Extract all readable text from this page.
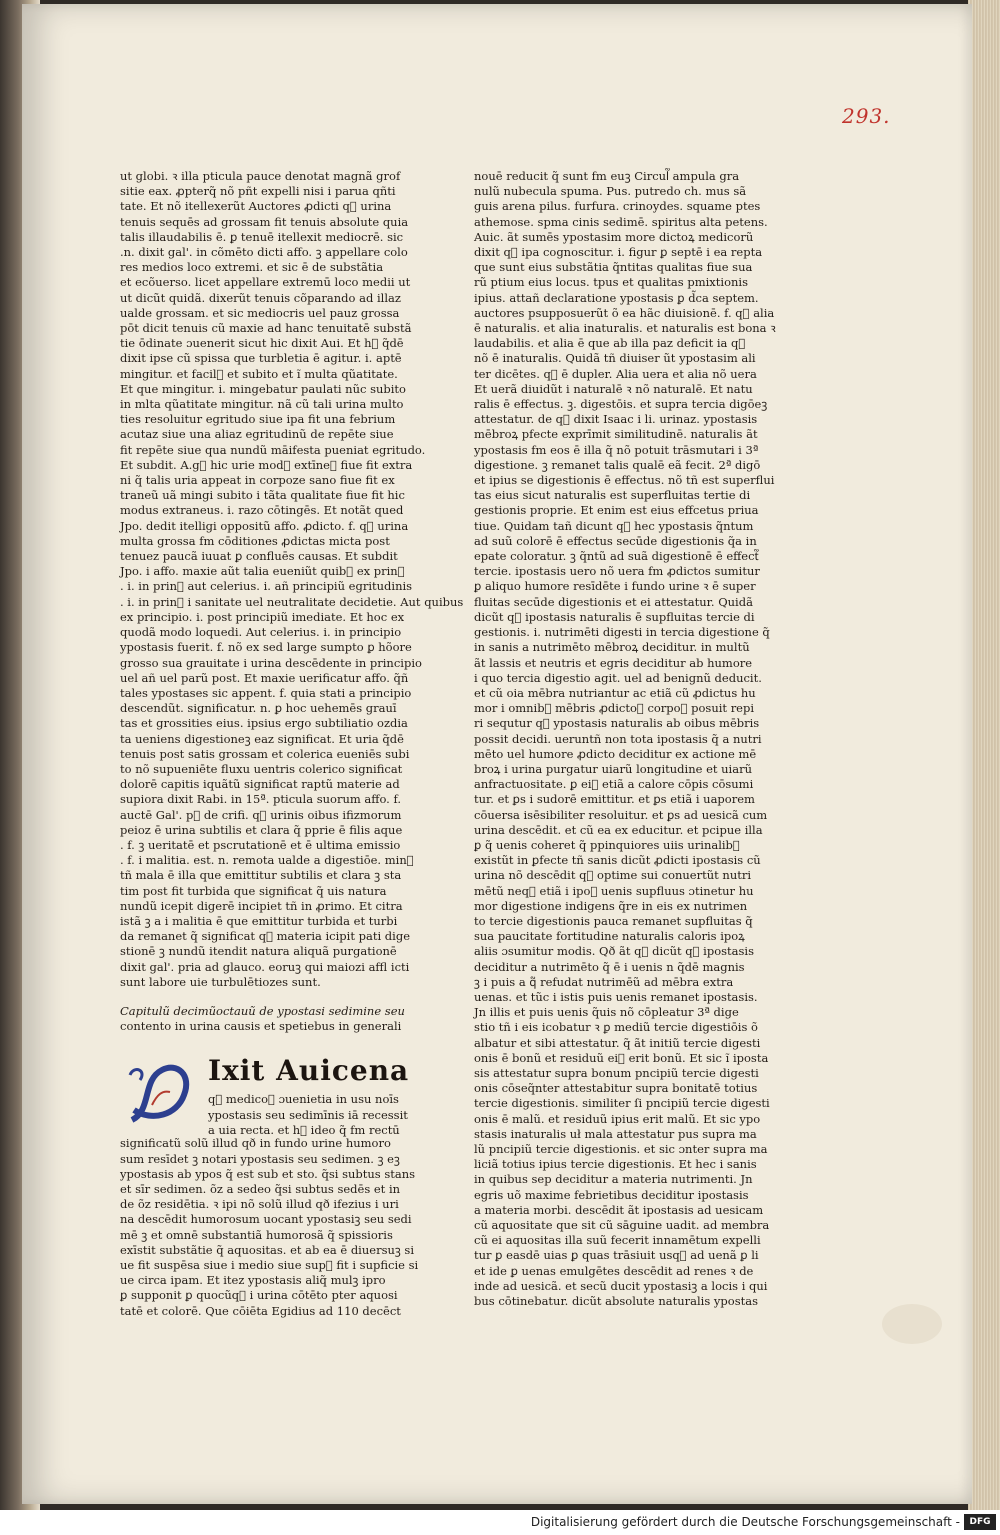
293.

ut globi. ꝛ illa pticula pauce denotat magnã grof

sitie eax. ꝓpterq̃ nõ pñt expelli nisi i parua qñti

tate. Et nõ itellexerũt Auctores ꝓdicti q᷑ urina

tenuis sequēs ad grossam fit tenuis absolute quia

talis illaudabilis ē. ꝑ tenuē itellexit mediocrē. sic

.n. dixit gal'. in cõmēto dicti affo. ꝫ appellare colo

res medios loco extremi. et sic ē de substãtia

et ecõuerso. licet appellare extremū loco medii ut

ut dicũt quidã. dixerũt tenuis cõparando ad illaz

ualde grossam. et sic mediocris uel pauz grossa

pōt dicit tenuis cũ maxie ad hanc tenuitatē substã

tie ōdinate ɔuenerit sicut hic dixit Aui. Et h᷑ q̃dē

dixit ipse cũ spissa que turbletia ē agitur. i. aptē

mingitur. et facil᷑ et subito et ĩ multa qũatitate.

Et que mingitur. i. mingebatur paulati nũc subito

in mlta qũatitate mingitur. nã cũ tali urina multo

ties resoluitur egritudo siue ipa fit una febrium

acutaz siue una aliaz egritudinũ de repēte siue

fit repēte siue qua nundũ māifesta pueniat egritudo.

Et subdit. A.g᷑ hic urie mod᷑ extīne᷑ fiue fit extra

ni q̃ talis uria appeat in corpoze sano fiue fit ex

traneũ uã mingi subito i tãta qualitate fiue fit hic

modus extraneus. i. razo cōtingēs. Et notãt qued

Jpo. dedit itelligi oppositũ affo. ꝓdicto. f. q᷑ urina

multa grossa fm cōditiones ꝓdictas micta post

tenuez paucã iuuat ꝑ confluēs causas. Et subdit

Jpo. i affo. maxie aũt talia eueniũt quib᷑ ex prin᷑

. i. in prin᷑ aut celerius. i. añ principiũ egritudinis

. i. in prin᷑ i sanitate uel neutralitate decidetie. Aut quibus

ex principio. i. post principiũ imediate. Et hoc ex

quodã modo loquedi. Aut celerius. i. in principio

ypostasis fuerit. f. nõ ex sed large sumpto ꝑ hõore

grosso sua grauitate i urina descēdente in principio

uel añ uel parũ post. Et maxie uerificatur affo. q̃ñ

tales ypostases sic appent. f. quia stati a principio

descendũt. significatur. n. ꝑ hoc uehemēs grauī

tas et grossities eius. ipsius ergo subtiliatio ozdia

ta ueniens digestioneꝫ eaz significat. Et uria q̃dē

tenuis post satis grossam et colerica eueniēs subi

to nõ supueniēte fluxu uentris colerico significat

dolorē capitis iquãtũ significat raptũ materie ad

supiora dixit Rabi. in 15ª. pticula suorum affo. f.

auctē Gal'. p᷑ de crifi. q᷑ urinis oibus ifizmorum

peioz ē urina subtilis et clara q̃ pprie ē filis aque

. f. ꝫ ueritatē et pscrutationē et ē ultima emissio

. f. i malitia. est. n. remota ualde a digestiōe. min᷑

tñ mala ē illa que emittitur subtilis et clara ꝫ sta

tim post fit turbida que significat q̃ uis natura

nundũ icepit digerē incipiet tñ in ꝓrimo. Et citra

istã ꝫ a i malitia ē que emittitur turbida et turbi

da remanet q̃ significat q᷑ materia icipit pati dige

stionē ꝫ nundũ itendit natura aliquã purgationē

dixit gal'. pria ad glauco. eoruꝫ qui maiozi affl icti

sunt labore uie turbulētiozes sunt.

Capitulũ decimũoctauũ de ypostasi sedimine seu

contento in urina causis et spetiebus in generali

Ixit Auicena

q᷑ medicoꝫ ɔuenietia in usu noīs

ypostasis seu sedimīnis iā recessit

a uia recta. et h᷑ ideo q̃ fm rectū

significatũ solũ illud qð in fundo urine humoro

sum resīdet ꝫ notari ypostasis seu sedimen. ꝫ eꝫ

ypostasis ab ypos q̃ est sub et sto. q̃si subtus stans

et sīr sedimen. õz a sedeo q̃si subtus sedēs et in

de õz residētia. ꝛ ipi nõ solũ illud qð ifezius i uri

na descēdit humorosum uocant ypostasiꝫ seu sedi

mē ꝫ et omnē substantiã humorosã q̃ spissioris

exīstit substãtie q̃ aquositas. et ab ea ē diuersuꝫ si

ue fit suspēsa siue i medio siue sup᷑ fit i supficie si

ue circa ipam. Et itez ypostasis aliq̃ mulꝫ ipro

ꝑ supponit ꝑ quocũq᷑ i urina cōtēto pter aquosi

tatē et colorē. Que cōiēta Egidius ad 110 decēct

nouē reducit q̃ sunt fm euꝫ Circul᷑ ampula gra

nulũ nubecula spuma. Pus. putredo ch. mus sã

guis arena pilus. furfura. crinoydes. squame ptes

athemose. spma cinis sedimē. spiritus alta petens.

Auic. ãt sumēs ypostasim more dictoꝝ medicorũ

dixit q᷑ ipa cognoscitur. i. figur ꝑ septē i ea repta

que sunt eius substãtia q̃ntitas qualitas fiue sua

rũ ptium eius locus. tpus et qualitas pmixtionis

ipius. attañ declaratione ypostasis ꝑ d̃ca septem.

auctores psupposuerũt õ ea hãc diuisionē. f. q᷑ alia

ē naturalis. et alia inaturalis. et naturalis est bona ꝛ

laudabilis. et alia ē que ab illa paz deficit ia q᷑

nõ ē inaturalis. Quidã tñ diuiser ũt ypostasim ali

ter dicētes. q᷑ ē dupler. Alia uera et alia nõ uera

Et uerã diuidũt i naturalē ꝛ nõ naturalē. Et natu

ralis ē effectus. ꝫ. digestōis. et supra tercia digōeꝫ

attestatur. de q᷑ dixit Isaac i li. urinaz. ypostasis

mēbroꝝ pfecte exprīmit similitudinē. naturalis ãt

ypostasis fm eos ē illa q̃ nõ potuit trāsmutari i 3ª

digestione. ꝫ remanet talis qualē eã fecit. 2ª digō

et ipius se digestionis ē effectus. nõ tñ est superflui

tas eius sicut naturalis est superfluitas tertie di

gestionis proprie. Et enim est eius effcetus priua

tiue. Quidam tañ dicunt q᷑ hec ypostasis q̃ntum

ad suũ colorē ē effectus secūde digestionis q̃a in

epate coloratur. ꝫ q̃ntũ ad suã digestionē ē effect᷑

tercie. ipostasis uero nõ uera fm ꝓdictos sumitur

ꝑ aliquo humore resīdēte i fundo urine ꝛ ē super

fluitas secūde digestionis et ei attestatur. Quidã

dicũt q᷑ ipostasis naturalis ē supfluitas tercie di

gestionis. i. nutrimēti digesti in tercia digestione q̃

in sanis a nutrimēto mēbroꝝ deciditur. in multũ

ãt lassis et neutris et egris deciditur ab humore

i quo tercia digestio agit. uel ad benignũ deducit.

et cũ oia mēbra nutriantur ac etiã cũ ꝓdictus hu

mor i omnib᷑ mēbris ꝓdictoꝝ corpoꝝ posuit repi

ri sequtur q᷑ ypostasis naturalis ab oibus mēbris

possit decidi. ueruntñ non tota ipostasis q̃ a nutri

mēto uel humore ꝓdicto deciditur ex actione mē

broꝝ i urina purgatur uiarũ longitudine et uiarũ

anfractuositate. ꝑ ei᷑ etiã a calore cōpis cōsumi

tur. et ꝑs i sudorē emittitur. et ꝑs etiã i uaporem

cōuersa isēsibiliter resoluitur. et ꝑs ad uesicã cum

urina descēdit. et cũ ea ex educitur. et pcipue illa

ꝑ q̃ uenis coheret q̃ ppinquiores uiis urinalib᷑

existũt in ꝑfecte tñ sanis dicũt ꝓdicti ipostasis cũ

urina nõ descēdit q᷑ optime sui conuertũt nutri

mētũ neq᷑ etiã i ipoꝝ uenis supfluus ɔtinetur hu

mor digestione indigens q̃re in eis ex nutrimen

to tercie digestionis pauca remanet supfluitas q̃

sua paucitate fortitudine naturalis caloris ipoꝝ

aliis ɔsumitur modis. Qð ãt q᷑ dicũt q᷑ ipostasis

deciditur a nutrimēto q̃ ē i uenis n q̃dē magnis

ꝫ i puis a q᷑ refudat nutrimēũ ad mēbra extra

uenas. et tũc i istis puis uenis remanet ipostasis.

Jn illis et puis uenis q̃uis nõ cōpleatur 3ª dige

stio tñ i eis icobatur ꝛ ꝑ mediũ tercie digestiōis õ

albatur et sibi attestatur. q̃ ãt initiũ tercie digesti

onis ē bonũ et residuũ ei᷑ erit bonũ. Et sic ĩ iposta

sis attestatur supra bonum pncipiũ tercie digesti

onis cōseq̃nter attestabitur supra bonitatē totius

tercie digestionis. similiter ſi pncipiũ tercie digesti

onis ē malũ. et residuũ ipius erit malũ. Et sic ypo

stasis inaturalis uł mala attestatur pus supra ma

lũ pncipiũ tercie digestionis. et sic ɔnter supra ma

liciã totius ipius tercie digestionis. Et hec i sanis

in quibus sep deciditur a materia nutrimenti. Jn

egris uõ maxime febrietibus deciditur ipostasis

a materia morbi. descēdit ãt ipostasis ad uesicam

cũ aquositate que sit cũ sāguine uadit. ad membra

cũ ei aquositas illa suũ fecerit innamētum expelli

tur ꝑ easdē uias ꝑ quas trāsiuit usq᷑ ad uenã ꝑ li

et ide ꝑ uenas emulgētes descēdit ad renes ꝛ de

inde ad uesicã. et secũ ducit ypostasiꝫ a locis i qui

bus cōtinebatur. dicũt absolute naturalis ypostas

Digitalisierung gefördert durch die Deutsche Forschungsgemeinschaft -	DFG
